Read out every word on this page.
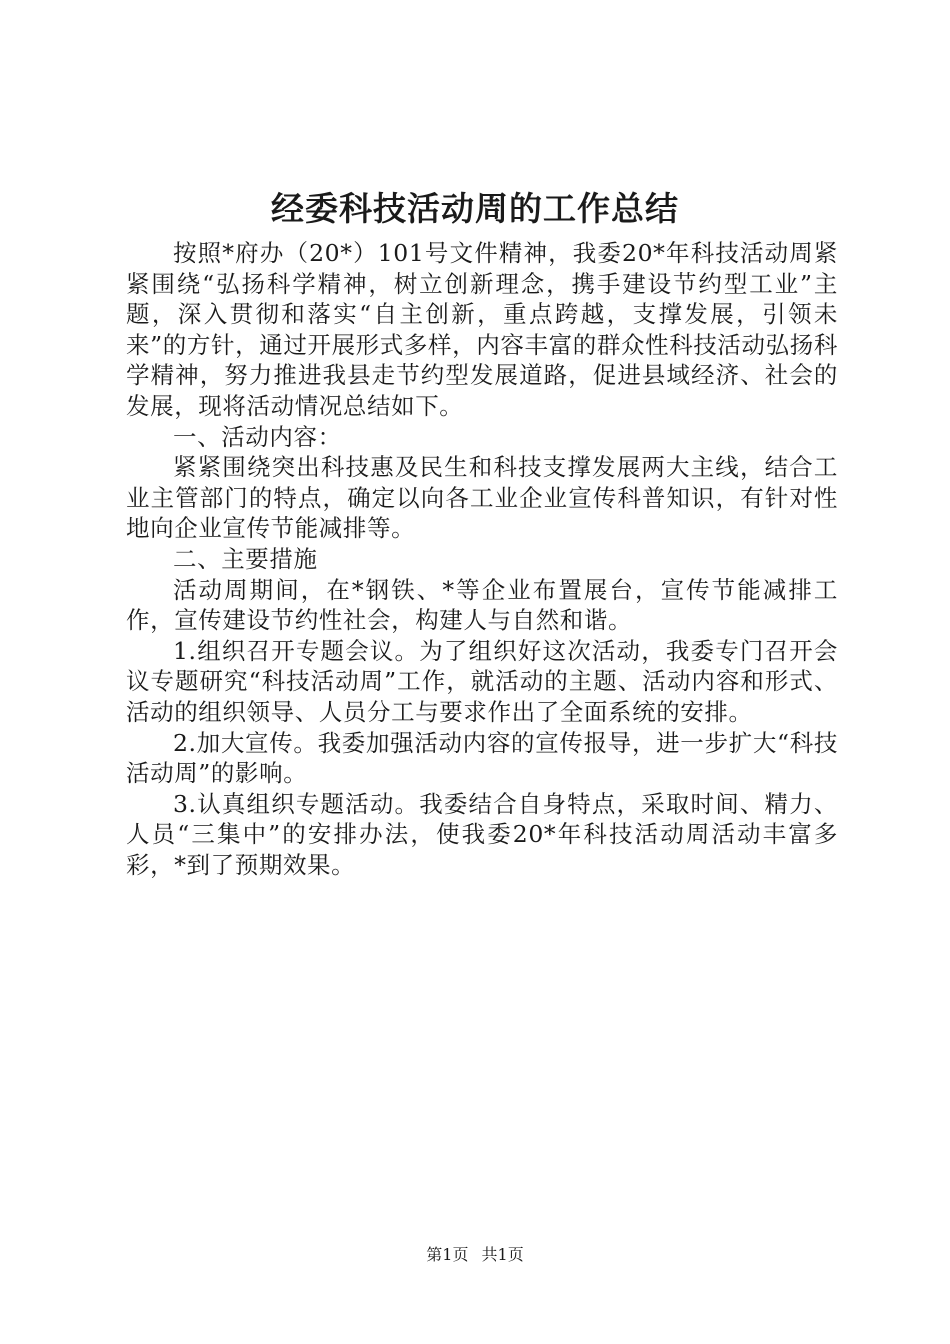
经委科技活动周的工作总结

按照*府办（20*）101号文件精神，我委20*年科技活动周紧紧围绕“弘扬科学精神，树立创新理念，携手建设节约型工业”主题，深入贯彻和落实“自主创新，重点跨越，支撑发展，引领未来”的方针，通过开展形式多样，内容丰富的群众性科技活动弘扬科学精神，努力推进我县走节约型发展道路，促进县域经济、社会的发展，现将活动情况总结如下。

一、活动内容：

紧紧围绕突出科技惠及民生和科技支撑发展两大主线，结合工业主管部门的特点，确定以向各工业企业宣传科普知识，有针对性地向企业宣传节能减排等。

二、主要措施

活动周期间，在*钢铁、*等企业布置展台，宣传节能减排工作，宣传建设节约性社会，构建人与自然和谐。

1.组织召开专题会议。为了组织好这次活动，我委专门召开会议专题研究“科技活动周”工作，就活动的主题、活动内容和形式、活动的组织领导、人员分工与要求作出了全面系统的安排。

2.加大宣传。我委加强活动内容的宣传报导，进一步扩大“科技活动周”的影响。

3.认真组织专题活动。我委结合自身特点，采取时间、精力、人员“三集中”的安排办法，使我委20*年科技活动周活动丰富多彩，*到了预期效果。

第1页 共1页
